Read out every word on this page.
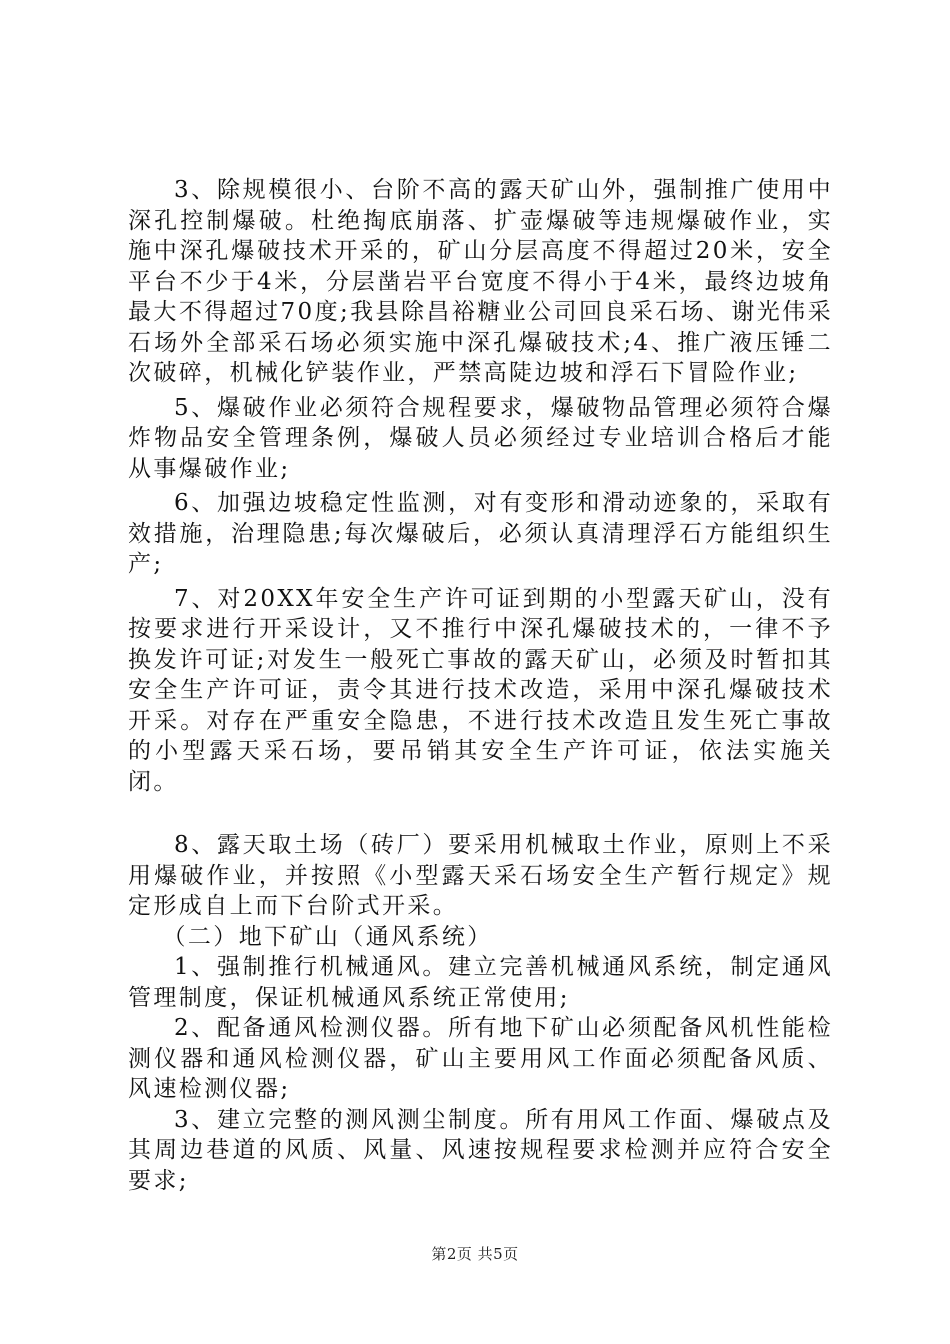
3、除规模很小、台阶不高的露天矿山外，强制推广使用中深孔控制爆破。杜绝掏底崩落、扩壶爆破等违规爆破作业，实施中深孔爆破技术开采的，矿山分层高度不得超过20米，安全平台不少于4米，分层凿岩平台宽度不得小于4米，最终边坡角最大不得超过70度;我县除昌裕糖业公司回良采石场、谢光伟采石场外全部采石场必须实施中深孔爆破技术;4、推广液压锤二次破碎，机械化铲装作业，严禁高陡边坡和浮石下冒险作业;

5、爆破作业必须符合规程要求，爆破物品管理必须符合爆炸物品安全管理条例，爆破人员必须经过专业培训合格后才能从事爆破作业;

6、加强边坡稳定性监测，对有变形和滑动迹象的，采取有效措施，治理隐患;每次爆破后，必须认真清理浮石方能组织生产;

7、对20XX年安全生产许可证到期的小型露天矿山，没有按要求进行开采设计，又不推行中深孔爆破技术的，一律不予换发许可证;对发生一般死亡事故的露天矿山，必须及时暂扣其安全生产许可证，责令其进行技术改造，采用中深孔爆破技术开采。对存在严重安全隐患，不进行技术改造且发生死亡事故的小型露天采石场，要吊销其安全生产许可证，依法实施关闭。

8、露天取土场（砖厂）要采用机械取土作业，原则上不采用爆破作业，并按照《小型露天采石场安全生产暂行规定》规定形成自上而下台阶式开采。

（二）地下矿山（通风系统）

1、强制推行机械通风。建立完善机械通风系统，制定通风管理制度，保证机械通风系统正常使用;

2、配备通风检测仪器。所有地下矿山必须配备风机性能检测仪器和通风检测仪器，矿山主要用风工作面必须配备风质、风速检测仪器;

3、建立完整的测风测尘制度。所有用风工作面、爆破点及其周边巷道的风质、风量、风速按规程要求检测并应符合安全要求;

第2页 共5页
